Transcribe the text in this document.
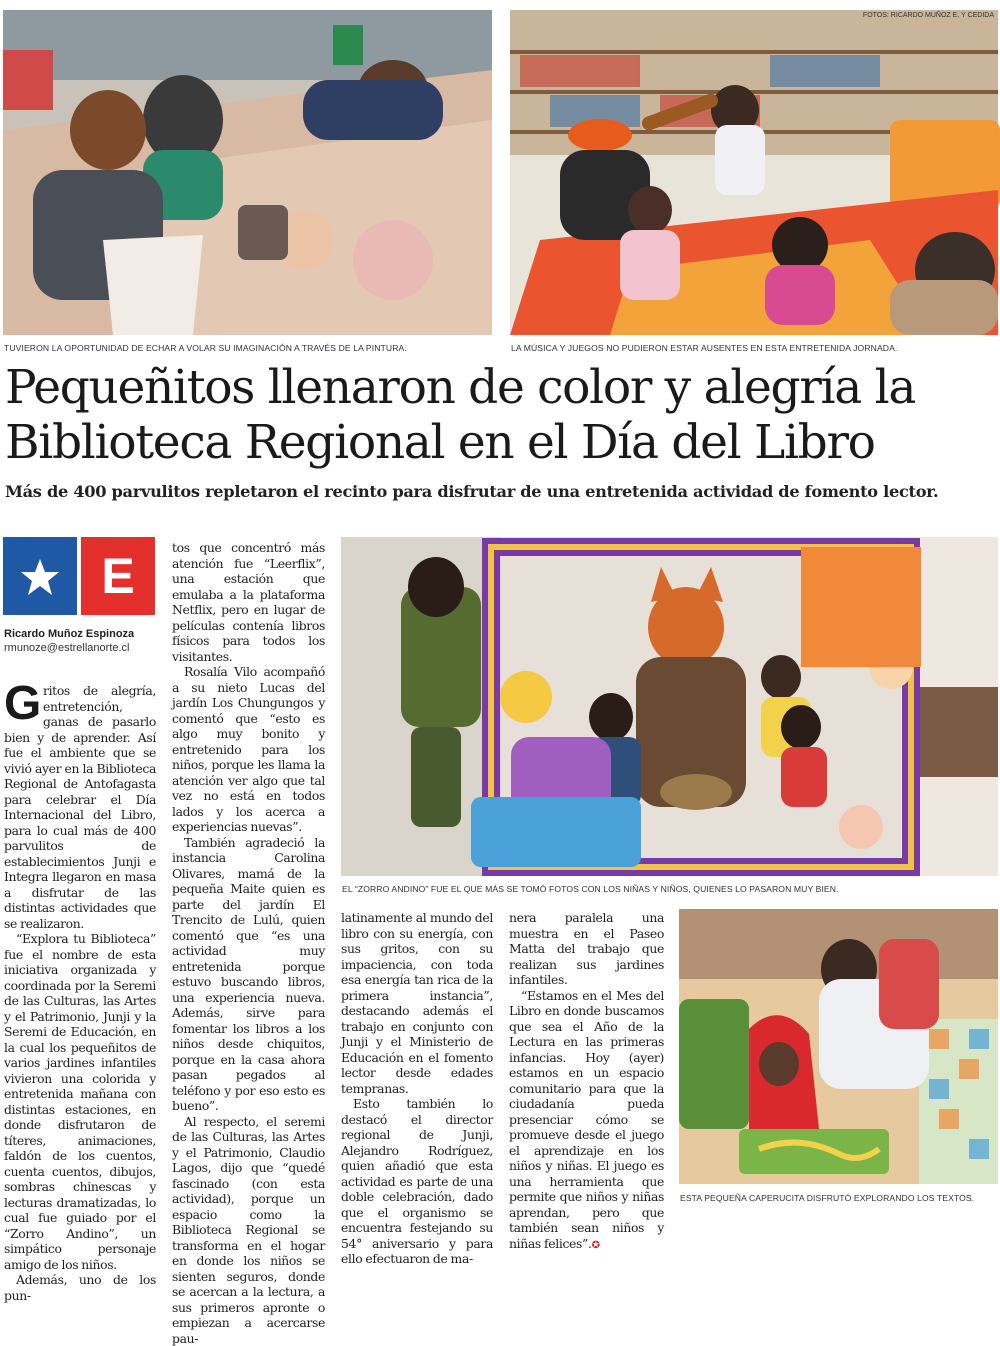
TUVIERON LA OPORTUNIDAD DE ECHAR A VOLAR SU IMAGINACIÓN A TRAVÉS DE LA PINTURA.
FOTOS: RICARDO MUÑOZ E. Y CEDIDA
LA MÚSICA Y JUEGOS NO PUDIERON ESTAR AUSENTES EN ESTA ENTRETENIDA JORNADA.
Pequeñitos llenaron de color y alegría la Biblioteca Regional en el Día del Libro
Más de 400 parvulitos repletaron el recinto para disfrutar de una entretenida actividad de fomento lector.
E
Ricardo Muñoz Espinoza
rmunoze@estrellanorte.cl

Gritos de alegría, entretención, ganas de pasarlo bien y de aprender. Así fue el ambiente que se vivió ayer en la Biblioteca Regional de Antofagasta para celebrar el Día Internacional del Libro, para lo cual más de 400 parvulitos de establecimientos Junji e Integra llegaron en masa a disfrutar de las distintas actividades que se realizaron.

“Explora tu Biblioteca” fue el nombre de esta iniciativa organizada y coordinada por la Seremi de las Culturas, las Artes y el Patrimonio, Junji y la Seremi de Educación, en la cual los pequeñitos de varios jardines infantiles vivieron una colorida y entretenida mañana con distintas estaciones, en donde disfrutaron de títeres, animaciones, faldón de los cuentos, cuenta cuentos, dibujos, sombras chinescas y lecturas dramatizadas, lo cual fue guiado por el “Zorro Andino”, un simpático personaje amigo de los niños.

Además, uno de los pun-

tos que concentró más atención fue “Leerflix”, una estación que emulaba a la plataforma Netflix, pero en lugar de películas contenía libros físicos para todos los visitantes.

Rosalía Vilo acompañó a su nieto Lucas del jardín Los Chungungos y comentó que “esto es algo muy bonito y entretenido para los niños, porque les llama la atención ver algo que tal vez no está en todos lados y los acerca a experiencias nuevas”.

También agradeció la instancia Carolina Olivares, mamá de la pequeña Maite quien es parte del jardín El Trencito de Lulú, quien comentó que “es una actividad muy entretenida porque estuvo buscando libros, una experiencia nueva. Además, sirve para fomentar los libros a los niños desde chiquitos, porque en la casa ahora pasan pegados al teléfono y por eso esto es bueno”.

Al respecto, el seremi de las Culturas, las Artes y el Patrimonio, Claudio Lagos, dijo que “quedé fascinado (con esta actividad), porque un espacio como la Biblioteca Regional se transforma en el hogar en donde los niños se sienten seguros, donde se acercan a la lectura, a sus primeros apronte o empiezan a acercarse pau-

EL “ZORRO ANDINO” FUE EL QUE MÁS SE TOMÓ FOTOS CON LOS NIÑAS Y NIÑOS, QUIENES LO PASARON MUY BIEN.

latinamente al mundo del libro con su energía, con sus gritos, con su impaciencia, con toda esa energía tan rica de la primera instancia”, destacando además el trabajo en conjunto con Junji y el Ministerio de Educación en el fomento lector desde edades tempranas.

Esto también lo destacó el director regional de Junji, Alejandro Rodríguez, quien añadió que esta actividad es parte de una doble celebración, dado que el organismo se encuentra festejando su 54° aniversario y para ello efectuaron de ma-

nera paralela una muestra en el Paseo Matta del trabajo que realizan sus jardines infantiles.

“Estamos en el Mes del Libro en donde buscamos que sea el Año de la Lectura en las primeras infancias. Hoy (ayer) estamos en un espacio comunitario para que la ciudadanía pueda presenciar cómo se promueve desde el juego el aprendizaje en los niños y niñas. El juego es una herramienta que permite que niños y niñas aprendan, pero que también sean niños y niñas felices”.✪

ESTA PEQUEÑA CAPERUCITA DISFRUTÓ EXPLORANDO LOS TEXTOS.
